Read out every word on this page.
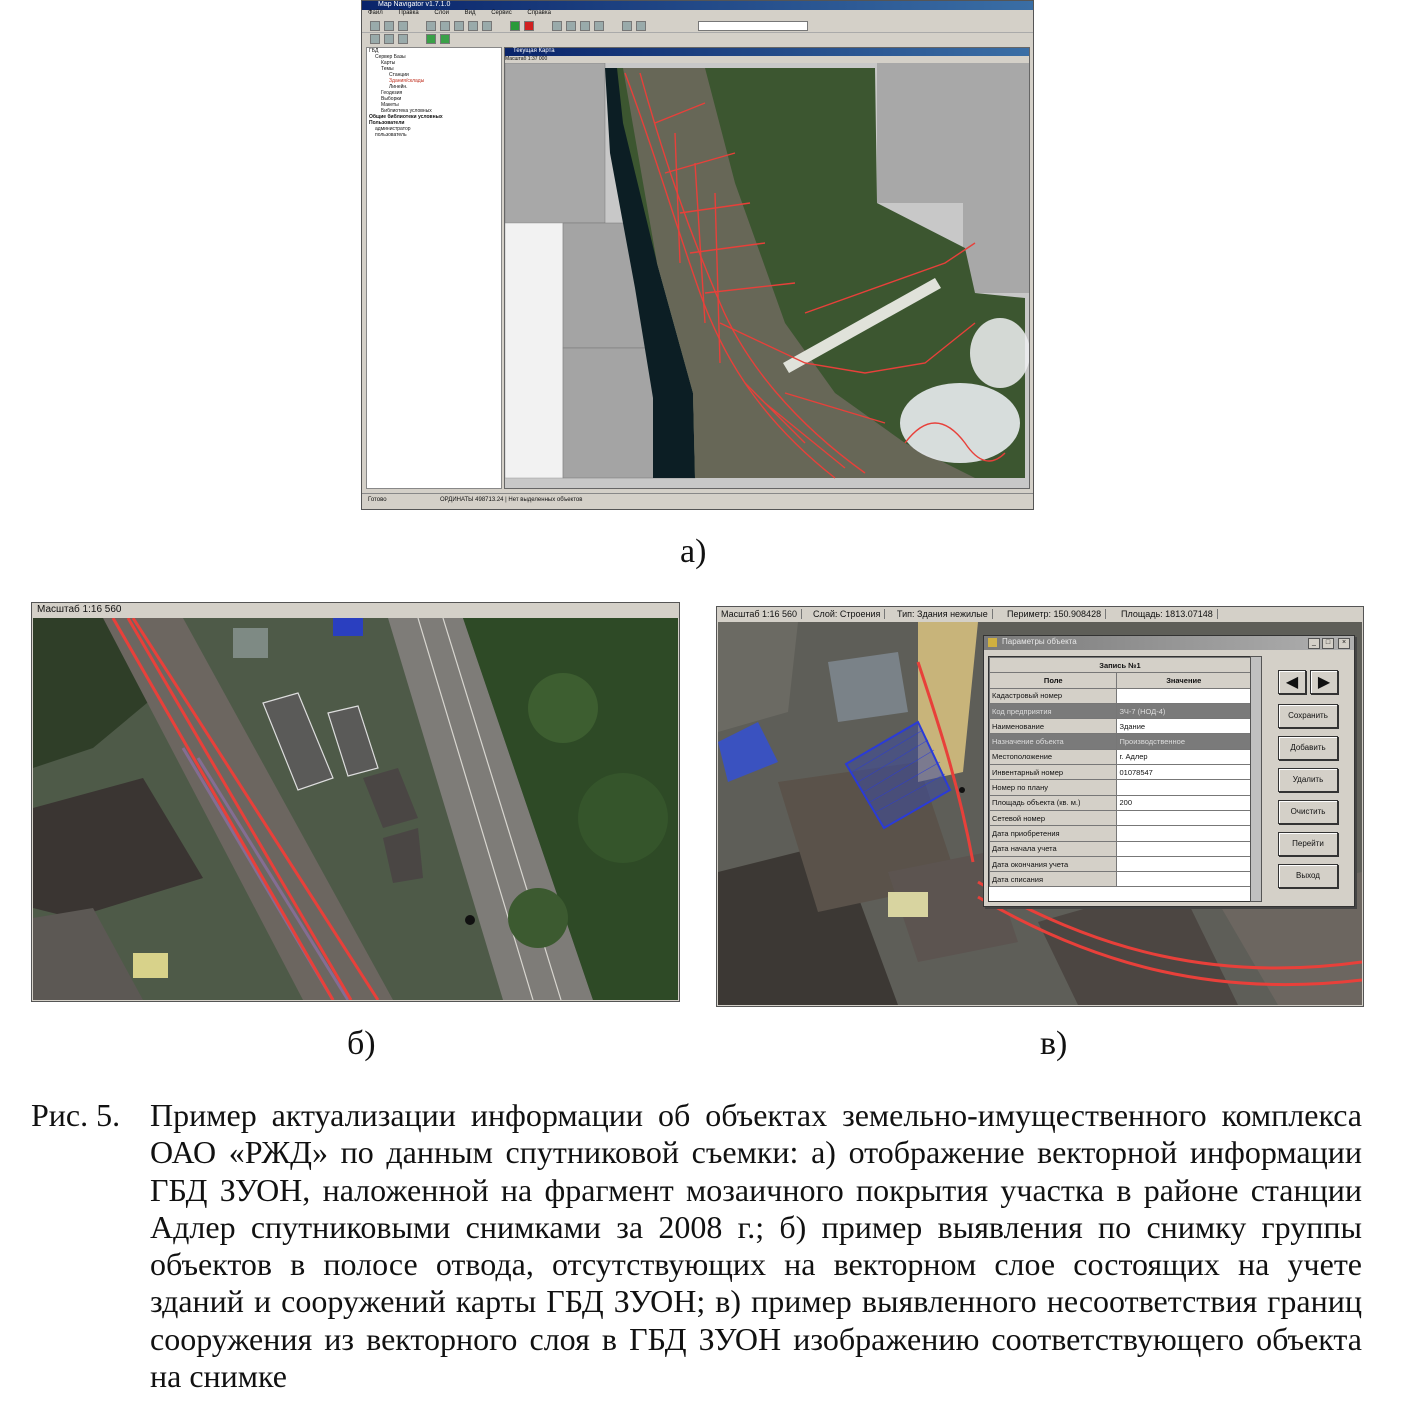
Map Navigator v1.7.1.0
Файл	Правка	Слои	Вид	Сервис	Справка
ГБД
Сервер Базы
Карты
Темы
Станции
Здания/склады
Линейн.
Геодезия
Выборки
Макеты
Библиотека условных
Общие библиотеки условных
Пользователи
администратор
пользователь
Текущая Карта
Масштаб 1:37 000
Готово	ОРДИНАТЫ 498713.24 | Нет выделенных объектов
а)
Масштаб 1:16 560
б)
Масштаб 1:16 560	Слой: Строения	Тип: Здания нежилые	Периметр: 150.908428	Площадь: 1813.07148
Параметры объекта	_	□	×
Запись №1	
Поле	Значение
Кадастровый номер	
Код предприятия	ЗЧ-7 (НОД-4)
Наименование	Здание
Назначение объекта	Производственное
Местоположение	г. Адлер
Инвентарный номер	01078547
Номер по плану	
Площадь объекта (кв. м.)	200
Сетевой номер	
Дата приобретения	
Дата начала учета	
Дата окончания учета	
Дата списания	
◀	▶
Сохранить
Добавить
Удалить
Очистить
Перейти
Выход
в)
Рис. 5. Пример актуализации информации об объектах земельно-имущественного комплекса ОАО «РЖД» по данным спутниковой съемки: а) отображение векторной информации ГБД ЗУОН, наложенной на фрагмент мозаичного покрытия участка в районе станции Адлер спутниковыми снимками за 2008 г.; б) пример выявления по снимку группы объектов в полосе отвода, отсутствующих на векторном слое состоящих на учете зданий и сооружений карты ГБД ЗУОН; в) пример выявленного несоответствия границ сооружения из векторного слоя в ГБД ЗУОН изображению соответствующего объекта на снимке
